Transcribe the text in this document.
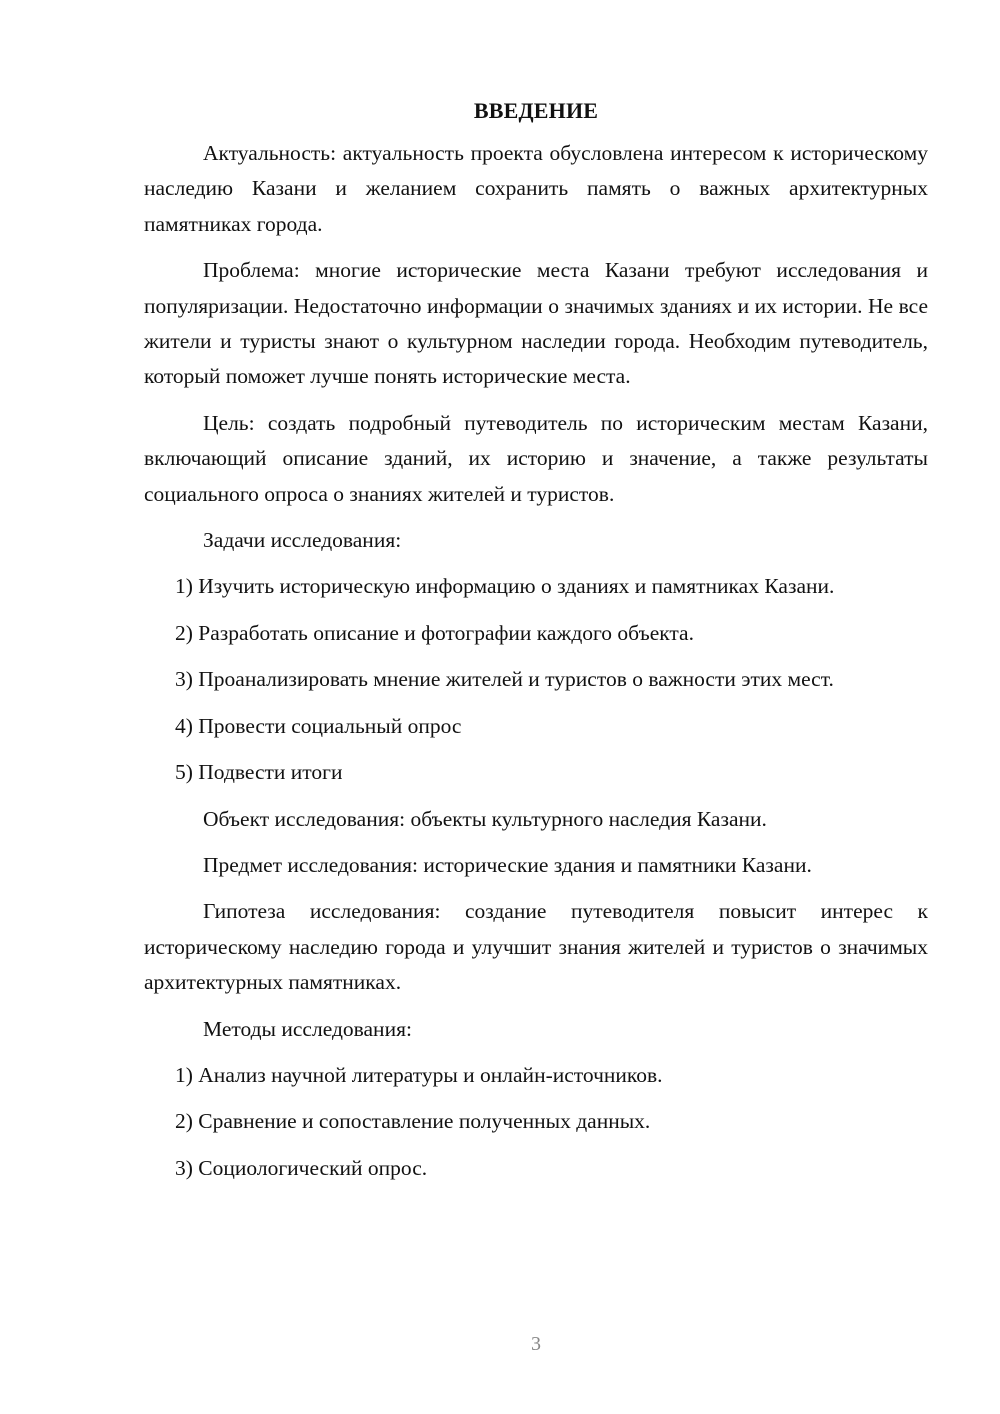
ВВЕДЕНИЕ

Актуальность: актуальность проекта обусловлена интересом к историческому наследию Казани и желанием сохранить память о важных архитектурных памятниках города.

Проблема: многие исторические места Казани требуют исследования и популяризации. Недостаточно информации о значимых зданиях и их истории. Не все жители и туристы знают о культурном наследии города. Необходим путеводитель, который поможет лучше понять исторические места.

Цель: создать подробный путеводитель по историческим местам Казани, включающий описание зданий, их историю и значение, а также результаты социального опроса о знаниях жителей и туристов.

Задачи исследования:

1) Изучить историческую информацию о зданиях и памятниках Казани.

2) Разработать описание и фотографии каждого объекта.

3) Проанализировать мнение жителей и туристов о важности этих мест.

4) Провести социальный опрос

5) Подвести итоги

Объект исследования: объекты культурного наследия Казани.

Предмет исследования: исторические здания и памятники Казани.

Гипотеза исследования: создание путеводителя повысит интерес к историческому наследию города и улучшит знания жителей и туристов о значимых архитектурных памятниках.

Методы исследования:

1) Анализ научной литературы и онлайн-источников.

2) Сравнение и сопоставление полученных данных.

3) Социологический опрос.

3
